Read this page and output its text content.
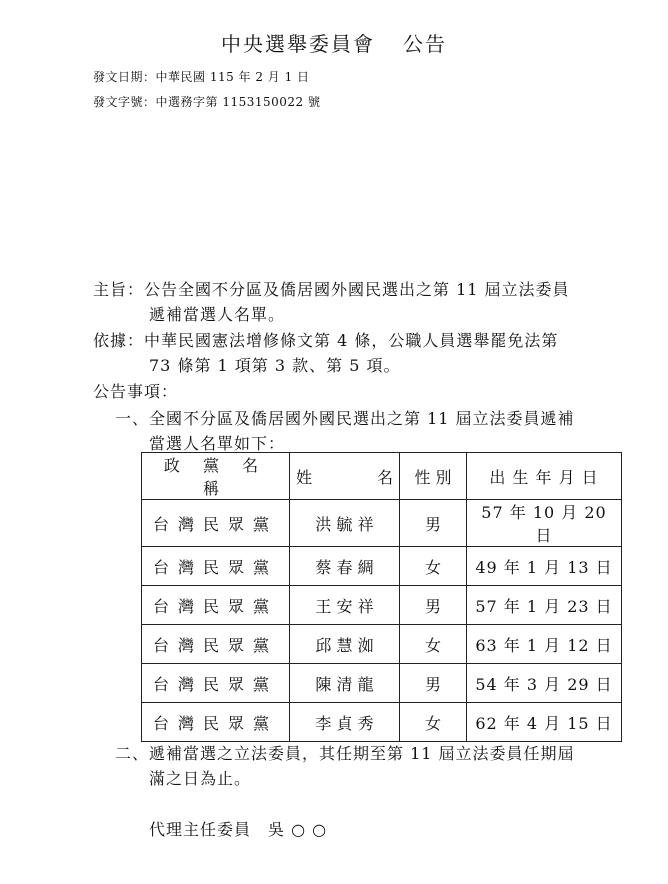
中央選舉委員會 公告
發文日期：中華民國 115 年 2 月 1 日
發文字號：中選務字第 1153150022 號
主旨：公告全國不分區及僑居國外國民選出之第 11 屆立法委員
遞補當選人名單。
依據：中華民國憲法增修條文第 4 條，公職人員選舉罷免法第
73 條第 1 項第 3 款、第 5 項。
公告事項：
一、全國不分區及僑居國外國民選出之第 11 屆立法委員遞補
當選人名單如下：
政 黨 名 稱	姓 名	性 別	出 生 年 月 日
台灣民眾黨	洪 毓 祥	男	57 年 10 月 20 日
台灣民眾黨	蔡 春 綢	女	49 年 1 月 13 日
台灣民眾黨	王 安 祥	男	57 年 1 月 23 日
台灣民眾黨	邱 慧 洳	女	63 年 1 月 12 日
台灣民眾黨	陳 清 龍	男	54 年 3 月 29 日
台灣民眾黨	李 貞 秀	女	62 年 4 月 15 日
二、遞補當選之立法委員，其任期至第 11 屆立法委員任期屆
滿之日為止。
代理主任委員　吳 ○ ○
